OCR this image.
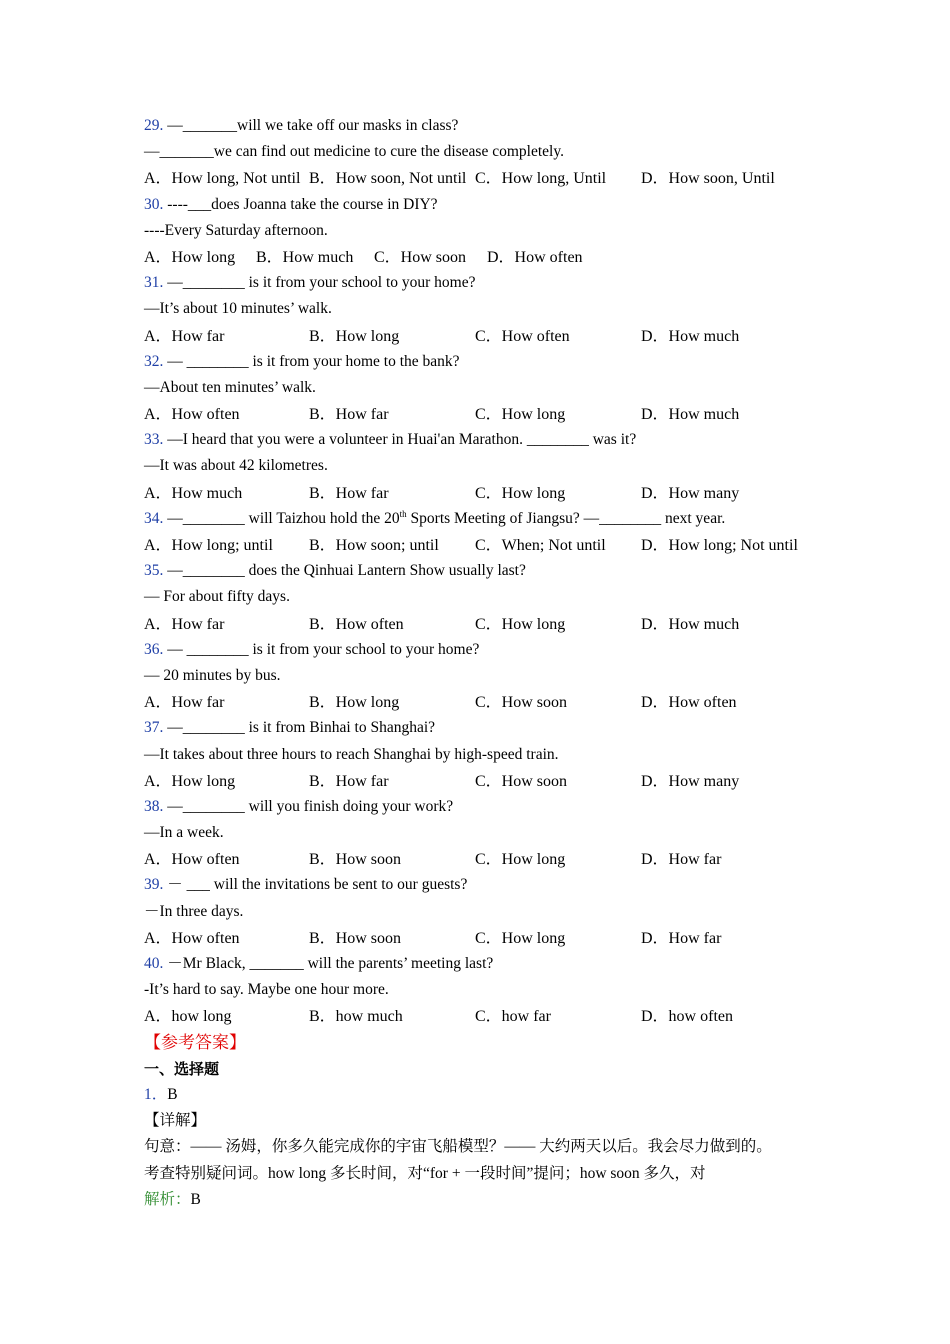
29. —_______will we take off our masks in class?
—_______we can find out medicine to cure the disease completely.
A．How long, Not until B．How soon, Not until C．How long, Until D．How soon, Until
30. ----___does Joanna take the course in DIY?
----Every Saturday afternoon.
A．How long B．How much C．How soon D．How often
31. —________ is it from your school to your home?
—It’s about 10 minutes’ walk.
A．How far	B．How long	C．How often	D．How much
32. — ________ is it from your home to the bank?
—About ten minutes’ walk.
A．How often	B．How far	C．How long	D．How much
33. —I heard that you were a volunteer in Huai'an Marathon. ________ was it?
—It was about 42 kilometres.
A．How much	B．How far	C．How long	D．How many
34. —________ will Taizhou hold the 20th Sports Meeting of Jiangsu? —________ next year.
A．How long; until B．How soon; until C．When; Not until D．How long; Not until
35. —________ does the Qinhuai Lantern Show usually last?
— For about fifty days.
A．How far	B．How often	C．How long	D．How much
36. — ________ is it from your school to your home?
— 20 minutes by bus.
A．How far	B．How long	C．How soon	D．How often
37. —________ is it from Binhai to Shanghai?
—It takes about three hours to reach Shanghai by high-speed train.
A．How long	B．How far	C．How soon	D．How many
38. —________ will you finish doing your work?
—In a week.
A．How often	B．How soon	C．How long	D．How far
39. － ___ will the invitations be sent to our guests?
－In three days.
A．How often	B．How soon	C．How long	D．How far
40. －Mr Black, _______ will the parents’ meeting last?
-It’s hard to say. Maybe one hour more.
A．how long	B．how much	C．how far	D．how often
【参考答案】
一、选择题
1．B
【详解】
句意：—— 汤姆，你多久能完成你的宇宙飞船模型？—— 大约两天以后。我会尽力做到的。
考查特别疑问词。how long 多长时间，对“for + 一段时间”提问；how soon 多久，对
解析：B
